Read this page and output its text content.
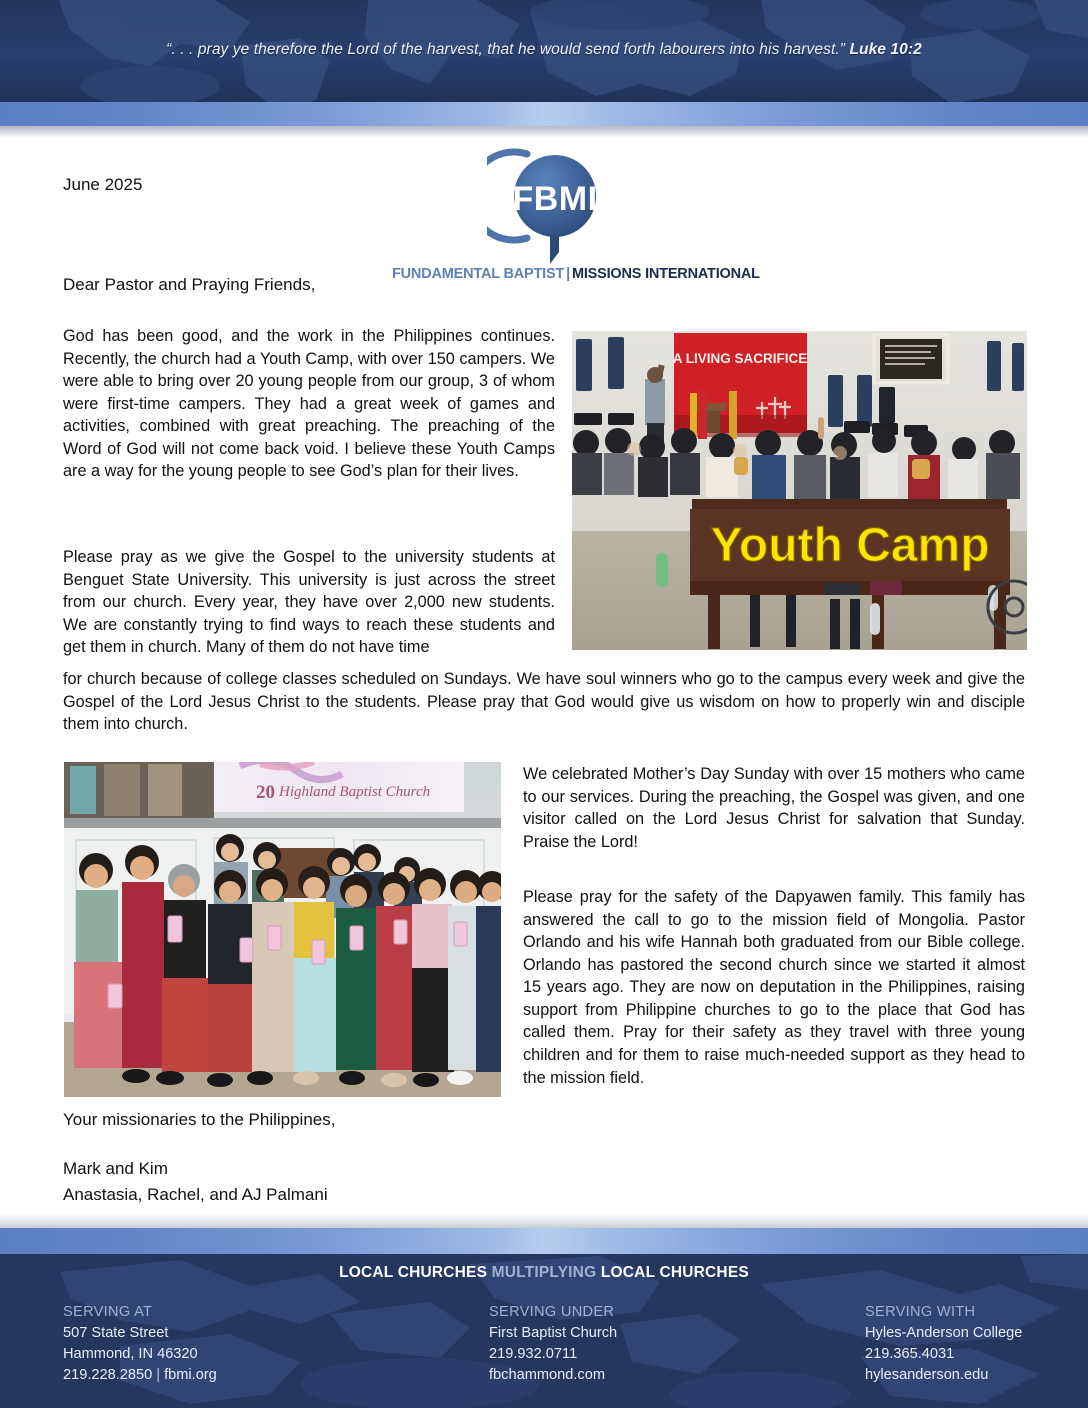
“. . . pray ye therefore the Lord of the harvest, that he would send forth labourers into his harvest.” Luke 10:2
FBMI
FUNDAMENTAL BAPTIST | MISSIONS INTERNATIONAL
June 2025
Dear Pastor and Praying Friends,
God has been good, and the work in the Philippines continues. Recently, the church had a Youth Camp, with over 150 campers. We were able to bring over 20 young people from our group, 3 of whom were first-time campers. They had a great week of games and activities, combined with great preaching. The preaching of the Word of God will not come back void. I believe these Youth Camps are a way for the young people to see God’s plan for their lives.
Please pray as we give the Gospel to the university students at Benguet State University. This university is just across the street from our church. Every year, they have over 2,000 new students. We are constantly trying to find ways to reach these students and get them in church. Many of them do not have time
for church because of college classes scheduled on Sundays. We have soul winners who go to the campus every week and give the Gospel of the Lord Jesus Christ to the students. Please pray that God would give us wisdom on how to properly win and disciple them into church.
We celebrated Mother’s Day Sunday with over 15 mothers who came to our services. During the preaching, the Gospel was given, and one visitor called on the Lord Jesus Christ for salvation that Sunday. Praise the Lord!
Please pray for the safety of the Dapyawen family. This family has answered the call to go to the mission field of Mongolia. Pastor Orlando and his wife Hannah both graduated from our Bible college. Orlando has pastored the second church since we started it almost 15 years ago. They are now on deputation in the Philippines, raising support from Philippine churches to go to the place that God has called them. Pray for their safety as they travel with three young children and for them to raise much-needed support as they head to the mission field.
Your missionaries to the Philippines,
Mark and Kim
Anastasia, Rachel, and AJ Palmani
A LIVING SACRIFICE
Youth Camp
20 Highland Baptist Church
LOCAL CHURCHES MULTIPLYING LOCAL CHURCHES
SERVING AT
507 State Street
Hammond, IN 46320
219.228.2850 | fbmi.org
SERVING UNDER
First Baptist Church
219.932.0711
fbchammond.com
SERVING WITH
Hyles-Anderson College
219.365.4031
hylesanderson.edu
